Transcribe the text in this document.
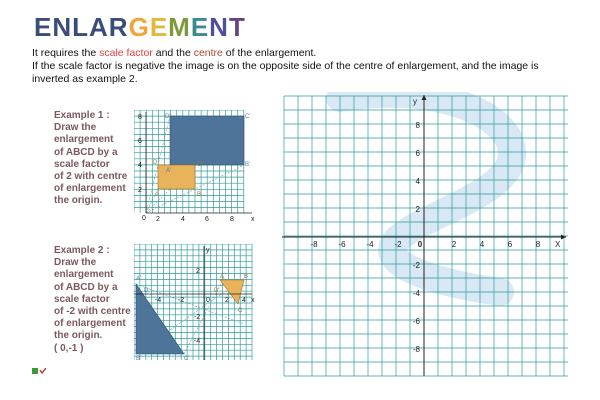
ENLARGEMENT

It requires the scale factor and the centre of the enlargement.

If the scale factor is negative the image is on the opposite side of the centre of enlargement, and the image is inverted as example 2.

Example 1 :
Draw the
enlargement
of ABCD by a
scale factor
of 2 with centre
of enlargement
the origin.
Example 2 :
Draw the
enlargement
of ABCD by a
scale factor
of -2 with centre
of enlargement
the origin.
( 0,-1 )
2	4	6	8
2
4
6
8
x
0
A	B
C
D
A'
B'
C'
D'
-4 -2	2 4
2
-2
-4
x
y
0
A	B
C
D
A'
B'	C'
D'
-8	-6	-4	-2 0	2	4	6	8
8
6
4
2
-2
-4
-6
-8
X
y
